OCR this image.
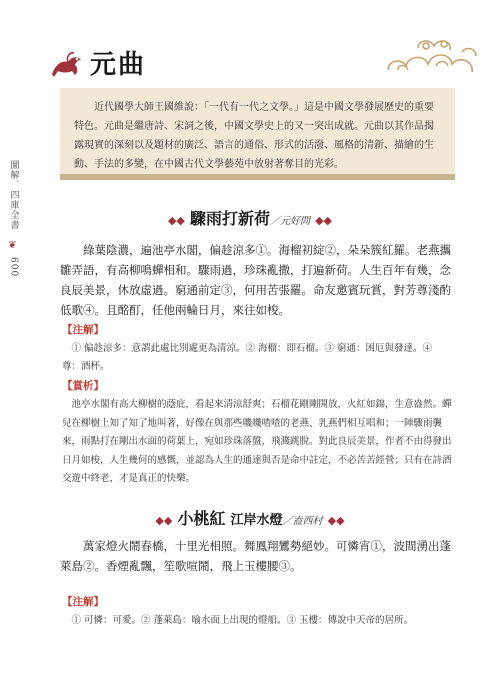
圖解．四庫全書
❦
600
元曲
近代國學大師王國維說：「一代有一代之文學。」這是中國文學發展歷史的重要特色。元曲是繼唐詩、宋詞之後，中國文學史上的又一突出成就。元曲以其作品揭露現實的深刻以及題材的廣泛、語言的通俗、形式的活潑、風格的清新、描繪的生動、手法的多變，在中國古代文學藝苑中放射著奪目的光彩。
◆◆ 驟雨打新荷／元好問 ◆◆
綠葉陰濃，遍池亭水閣，偏趁涼多①。海榴初綻②，朵朵簇紅羅。老燕攜雛弄語，有高柳鳴蟬相和。驟雨過，珍珠亂撒，打遍新荷。人生百年有幾，念良辰美景，休放虛過。窮通前定③，何用苦張羅。命友邀賓玩賞，對芳尊淺酌低歌④。且酩酊，任他兩輪日月，來往如梭。
【注解】
① 偏趁涼多：意謂此處比別處更為清涼。② 海榴：即石榴。③ 窮通：困厄與發達。④ 尊：酒杯。
【賞析】
池亭水閣有高大柳樹的蔭庇，看起來清涼舒爽；石榴花剛剛開放，火紅如錦，生意盎然。蟬兒在柳樹上知了知了地叫著，好像在與那些嘰嘰喳喳的老燕、乳燕們相互唱和；一陣驟雨襲來，雨點打在剛出水面的荷葉上，宛如珍珠落盤，飛濺跳脫。對此良辰美景，作者不由得發出日月如梭，人生幾何的感慨，並認為人生的通達與否是命中註定，不必苦苦經營；只有在詩酒交遊中終老，才是真正的快樂。
◆◆ 小桃紅 江岸水燈／盍西村 ◆◆
萬家燈火鬧春橋，十里光相照。舞鳳翔鸞勢絕妙。可憐宵①，波間湧出蓬萊島②。香煙亂飄，笙歌喧鬧，飛上玉樓腰③。
【注解】
① 可憐：可愛。② 蓬萊島：喻水面上出現的燈船。③ 玉樓：傳說中天帝的居所。
